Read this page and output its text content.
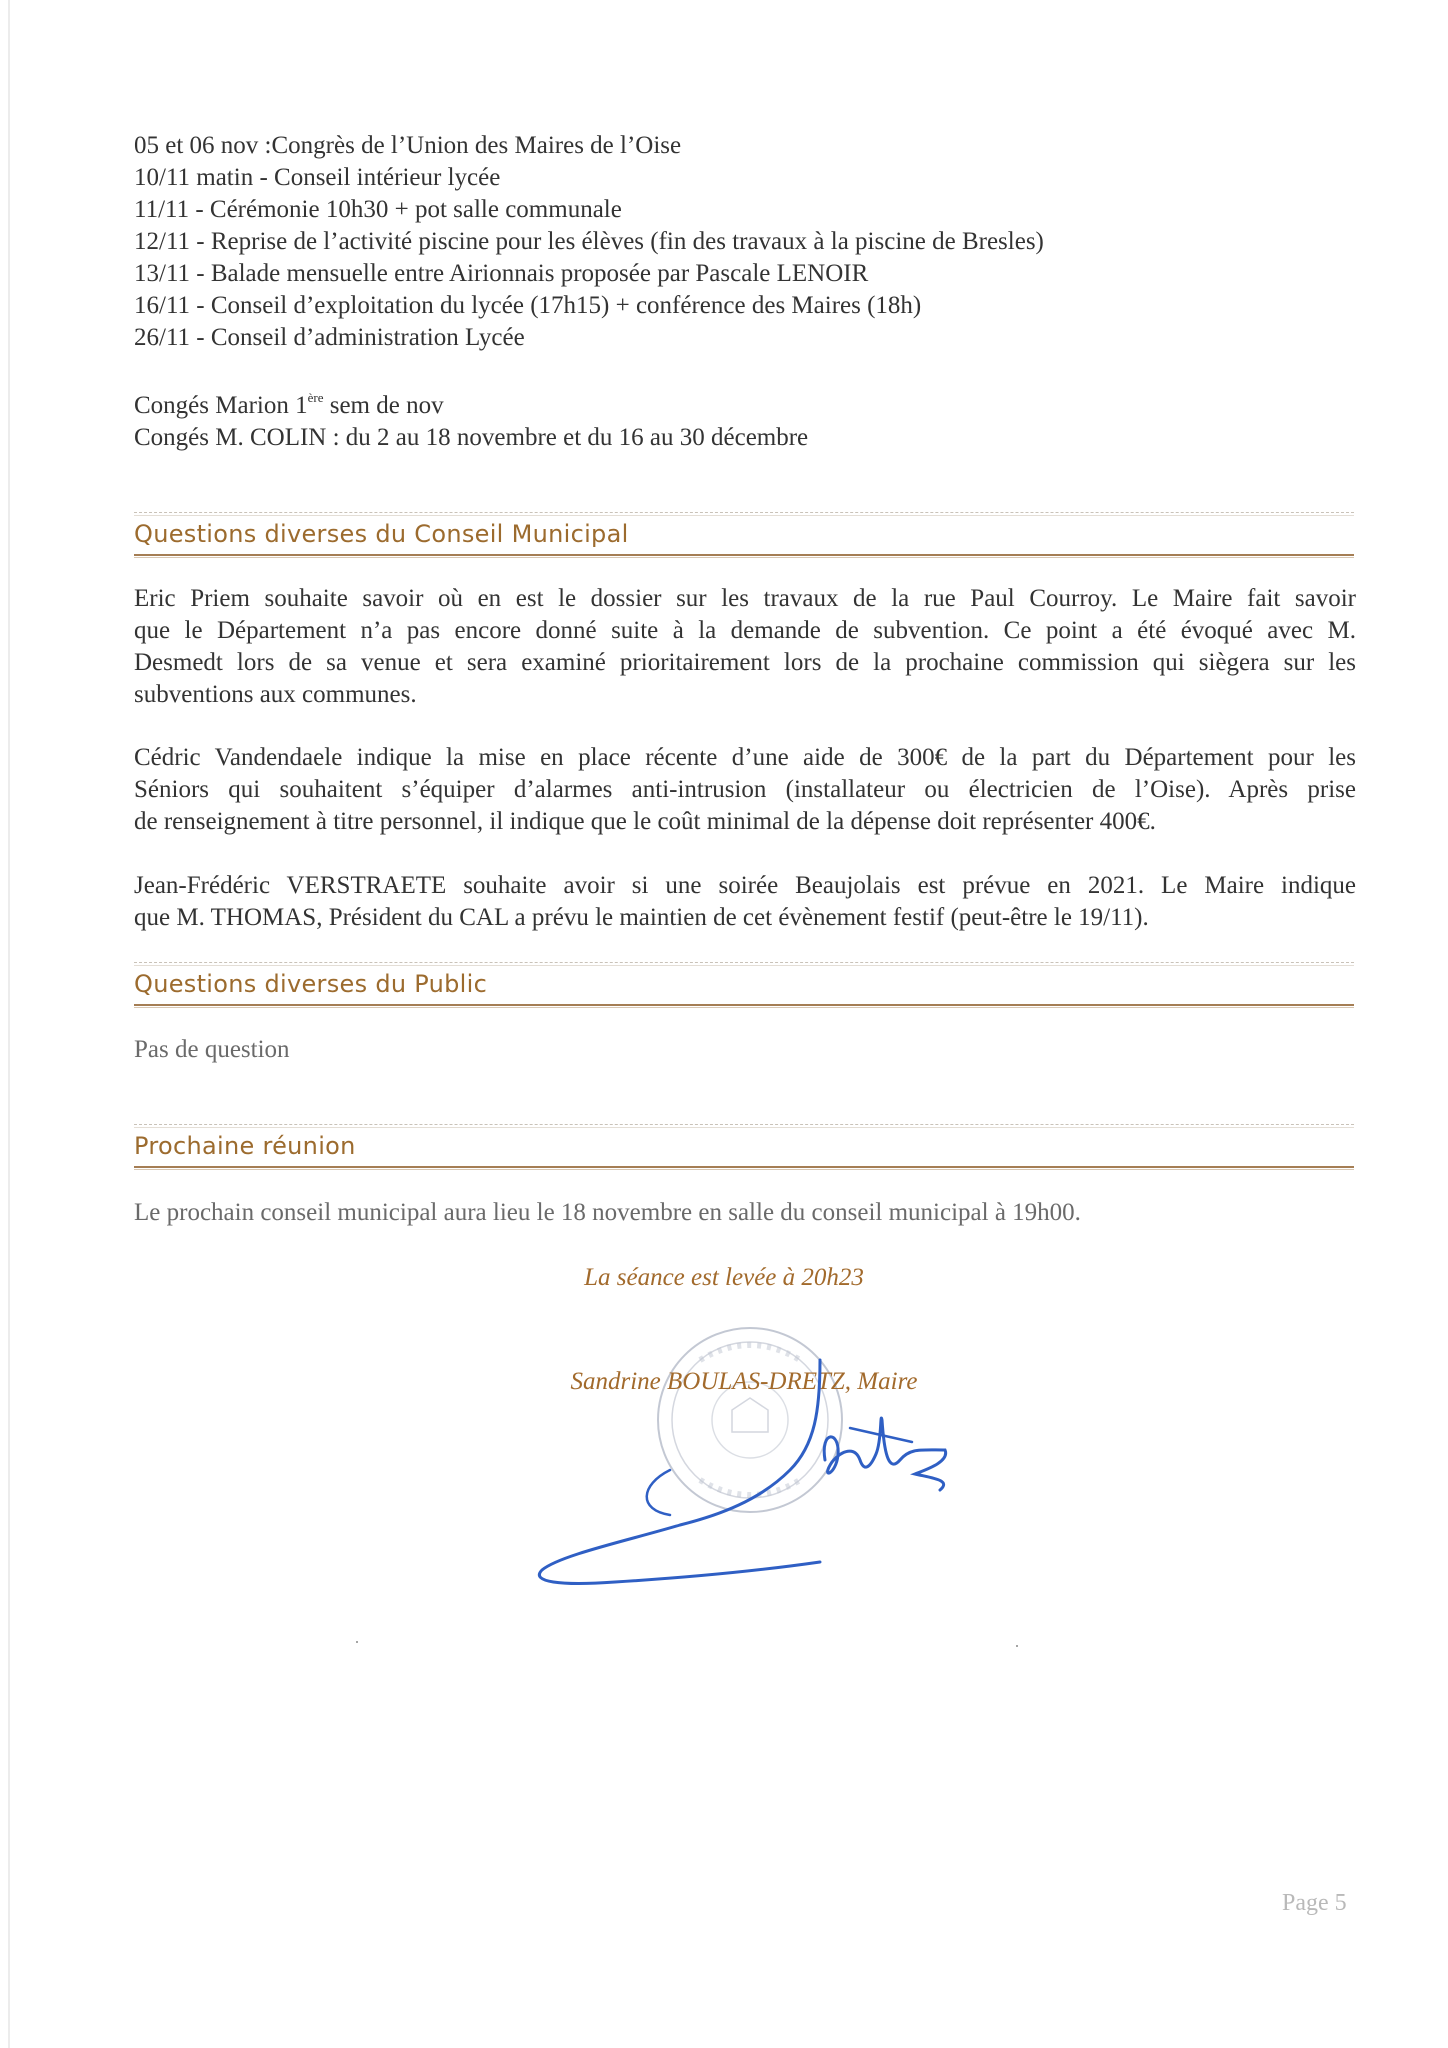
05 et 06 nov :Congrès de l’Union des Maires de l’Oise
10/11 matin - Conseil intérieur lycée
11/11 - Cérémonie 10h30 + pot salle communale
12/11 - Reprise de l’activité piscine pour les élèves (fin des travaux à la piscine de Bresles)
13/11 - Balade mensuelle entre Airionnais proposée par Pascale LENOIR
16/11 - Conseil d’exploitation du lycée (17h15) + conférence des Maires (18h)
26/11 - Conseil d’administration Lycée
Congés Marion 1ère sem de nov
Congés M. COLIN : du 2 au 18 novembre et du 16 au 30 décembre
Questions diverses du Conseil Municipal
Eric Priem souhaite savoir où en est le dossier sur les travaux de la rue Paul Courroy. Le Maire fait savoir
que le Département n’a pas encore donné suite à la demande de subvention. Ce point a été évoqué avec M.
Desmedt lors de sa venue et sera examiné prioritairement lors de la prochaine commission qui siègera sur les
subventions aux communes.
Cédric Vandendaele indique la mise en place récente d’une aide de 300€ de la part du Département pour les
Séniors qui souhaitent s’équiper d’alarmes anti-intrusion (installateur ou électricien de l’Oise). Après prise
de renseignement à titre personnel, il indique que le coût minimal de la dépense doit représenter 400€.
Jean-Frédéric VERSTRAETE souhaite avoir si une soirée Beaujolais est prévue en 2021. Le Maire indique
que M. THOMAS, Président du CAL a prévu le maintien de cet évènement festif (peut-être le 19/11).
Questions diverses du Public
Pas de question
Prochaine réunion
Le prochain conseil municipal aura lieu le 18 novembre en salle du conseil municipal à 19h00.
La séance est levée à 20h23
Sandrine BOULAS-DRETZ, Maire
Page 5
